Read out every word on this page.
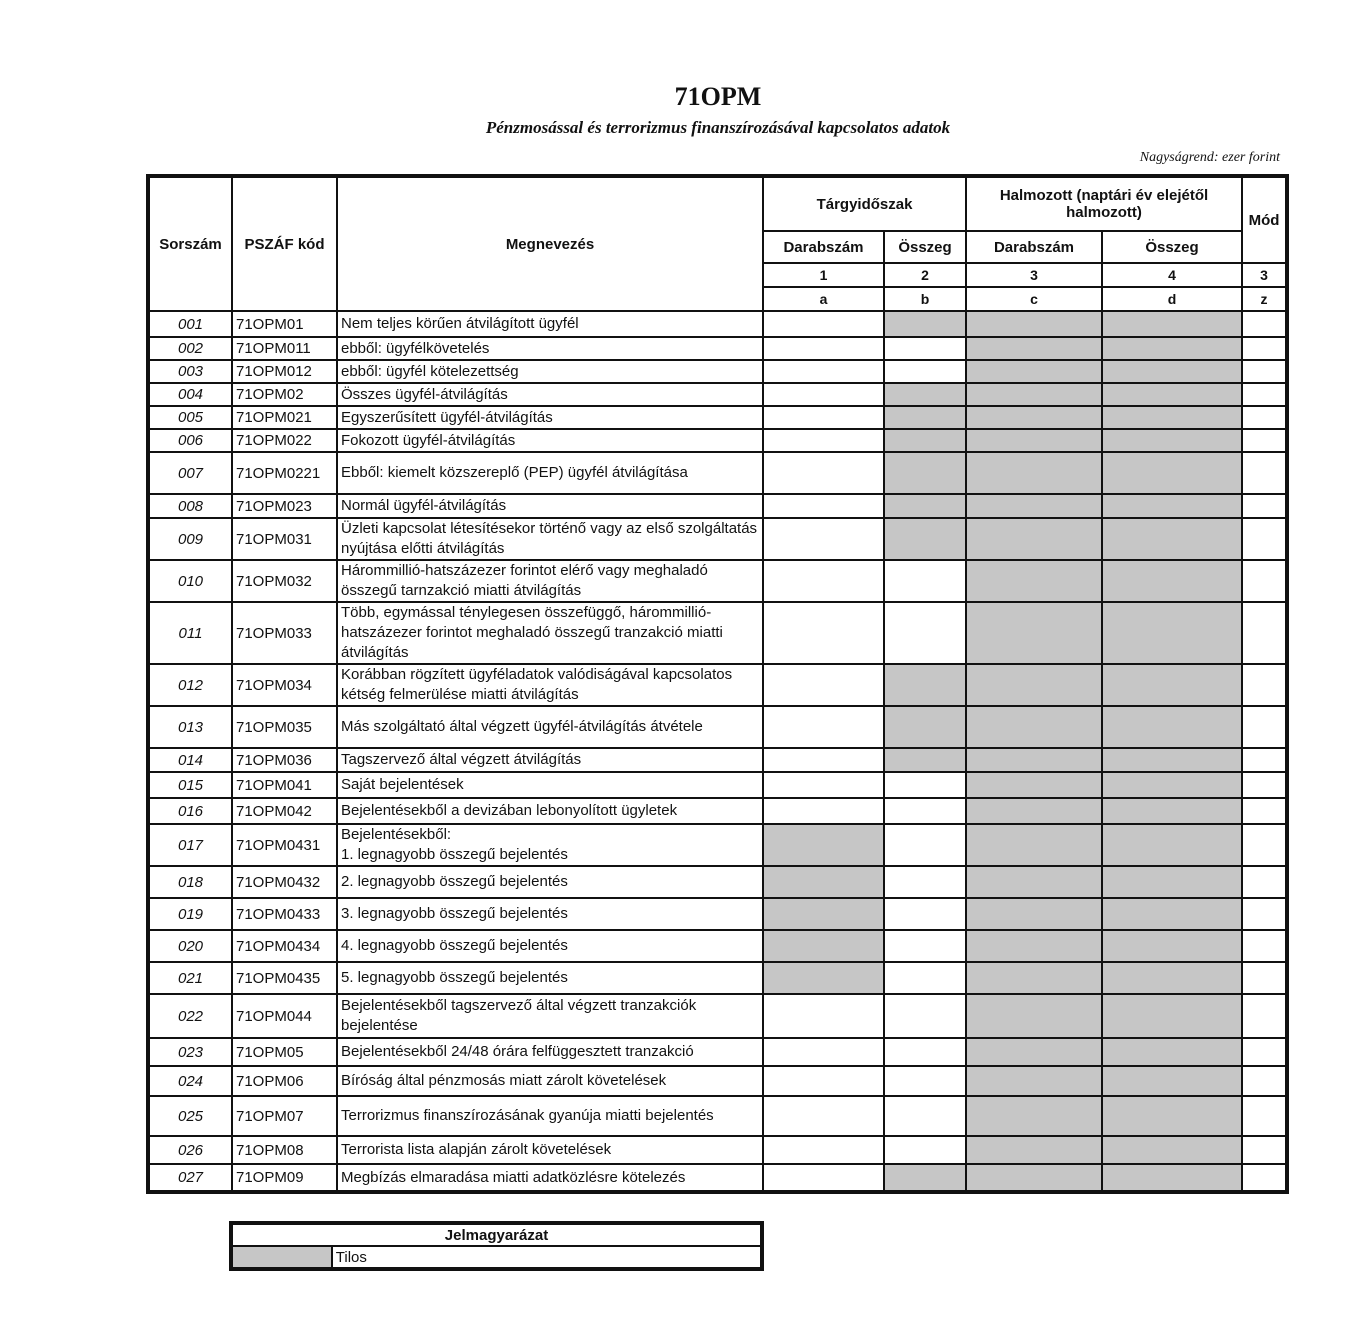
71OPM
Pénzmosással és terrorizmus finanszírozásával kapcsolatos adatok
Nagyságrend: ezer forint
Sorszám	PSZÁF kód	Megnevezés	Tárgyidőszak		Halmozott (naptári év elejétől halmozott)		Mód
			Darabszám	Összeg	Darabszám	Összeg	
			1	2	3	4	3
			a	b	c	d	z
001	71OPM01	Nem teljes körűen átvilágított ügyfél					
002	71OPM011	ebből: ügyfélkövetelés					
003	71OPM012	ebből: ügyfél kötelezettség					
004	71OPM02	Összes ügyfél-átvilágítás					
005	71OPM021	Egyszerűsített ügyfél-átvilágítás					
006	71OPM022	Fokozott ügyfél-átvilágítás					
007	71OPM0221	Ebből: kiemelt közszereplő (PEP) ügyfél átvilágítása					
008	71OPM023	Normál ügyfél-átvilágítás					
009	71OPM031	Üzleti kapcsolat létesítésekor történő vagy az első szolgáltatás nyújtása előtti átvilágítás					
010	71OPM032	Hárommillió-hatszázezer forintot elérő vagy meghaladó összegű tarnzakció miatti átvilágítás					
011	71OPM033	Több, egymással ténylegesen összefüggő, hárommillió-hatszázezer forintot meghaladó összegű tranzakció miatti átvilágítás					
012	71OPM034	Korábban rögzített ügyféladatok valódiságával kapcsolatos kétség felmerülése miatti átvilágítás					
013	71OPM035	Más szolgáltató által végzett ügyfél-átvilágítás átvétele					
014	71OPM036	Tagszervező által végzett átvilágítás					
015	71OPM041	Saját bejelentések					
016	71OPM042	Bejelentésekből a devizában lebonyolított ügyletek					
017	71OPM0431	Bejelentésekből:
1. legnagyobb összegű bejelentés					
018	71OPM0432	2. legnagyobb összegű bejelentés					
019	71OPM0433	3. legnagyobb összegű bejelentés					
020	71OPM0434	4. legnagyobb összegű bejelentés					
021	71OPM0435	5. legnagyobb összegű bejelentés					
022	71OPM044	Bejelentésekből tagszervező által végzett tranzakciók bejelentése					
023	71OPM05	Bejelentésekből 24/48 órára felfüggesztett tranzakció					
024	71OPM06	Bíróság által pénzmosás miatt zárolt követelések					
025	71OPM07	Terrorizmus finanszírozásának gyanúja miatti bejelentés					
026	71OPM08	Terrorista lista alapján zárolt követelések					
027	71OPM09	Megbízás elmaradása miatti adatközlésre kötelezés					
Jelmagyarázat
	Tilos
